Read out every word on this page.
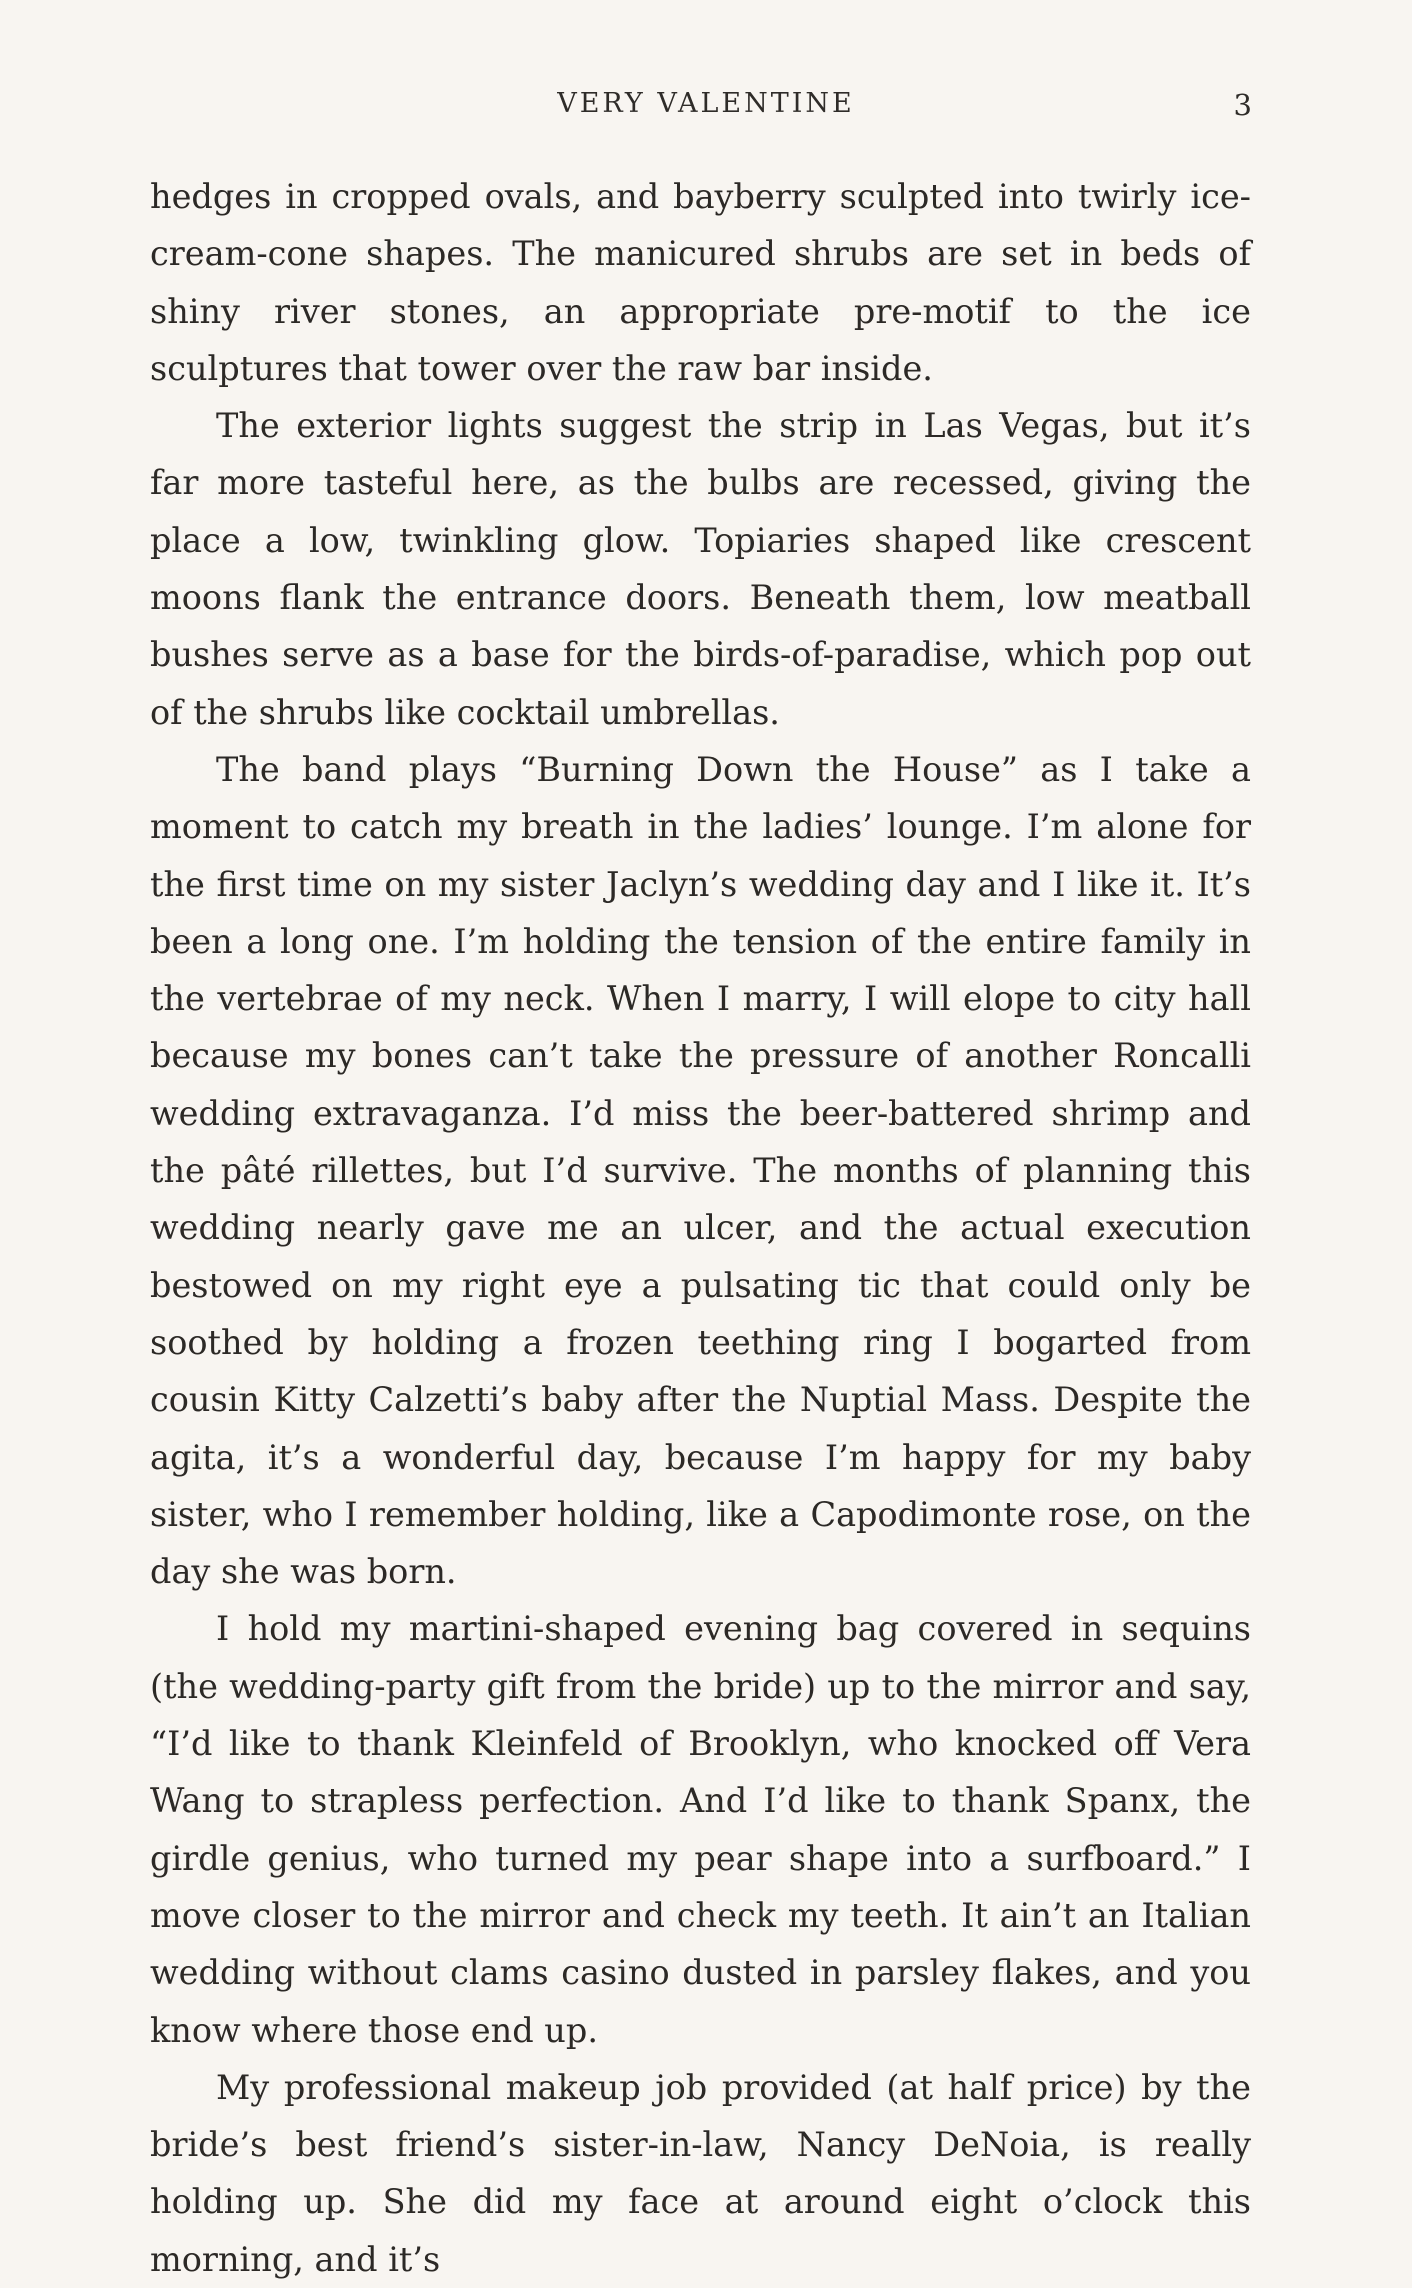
VERY VALENTINE	3

hedges in cropped ovals, and bayberry sculpted into twirly ice-cream-cone shapes. The manicured shrubs are set in beds of shiny river stones, an appropriate pre-motif to the ice sculptures that tower over the raw bar inside.

The exterior lights suggest the strip in Las Vegas, but it’s far more tasteful here, as the bulbs are recessed, giving the place a low, twinkling glow. Topiaries shaped like crescent moons flank the entrance doors. Beneath them, low meatball bushes serve as a base for the birds-of-paradise, which pop out of the shrubs like cocktail umbrellas.

The band plays “Burning Down the House” as I take a moment to catch my breath in the ladies’ lounge. I’m alone for the first time on my sister Jaclyn’s wedding day and I like it. It’s been a long one. I’m holding the tension of the entire family in the vertebrae of my neck. When I marry, I will elope to city hall because my bones can’t take the pressure of another Roncalli wedding extravaganza. I’d miss the beer-battered shrimp and the pâté rillettes, but I’d survive. The months of planning this wedding nearly gave me an ulcer, and the actual execution bestowed on my right eye a pulsating tic that could only be soothed by holding a frozen teething ring I bogarted from cousin Kitty Calzetti’s baby after the Nuptial Mass. Despite the agita, it’s a wonderful day, because I’m happy for my baby sister, who I remember holding, like a Capodimonte rose, on the day she was born.

I hold my martini-shaped evening bag covered in sequins (the wedding-party gift from the bride) up to the mirror and say, “I’d like to thank Kleinfeld of Brooklyn, who knocked off Vera Wang to strapless perfection. And I’d like to thank Spanx, the girdle genius, who turned my pear shape into a surfboard.” I move closer to the mirror and check my teeth. It ain’t an Italian wedding without clams casino dusted in parsley flakes, and you know where those end up.

My professional makeup job provided (at half price) by the bride’s best friend’s sister-in-law, Nancy DeNoia, is really holding up. She did my face at around eight o’clock this morning, and it’s
